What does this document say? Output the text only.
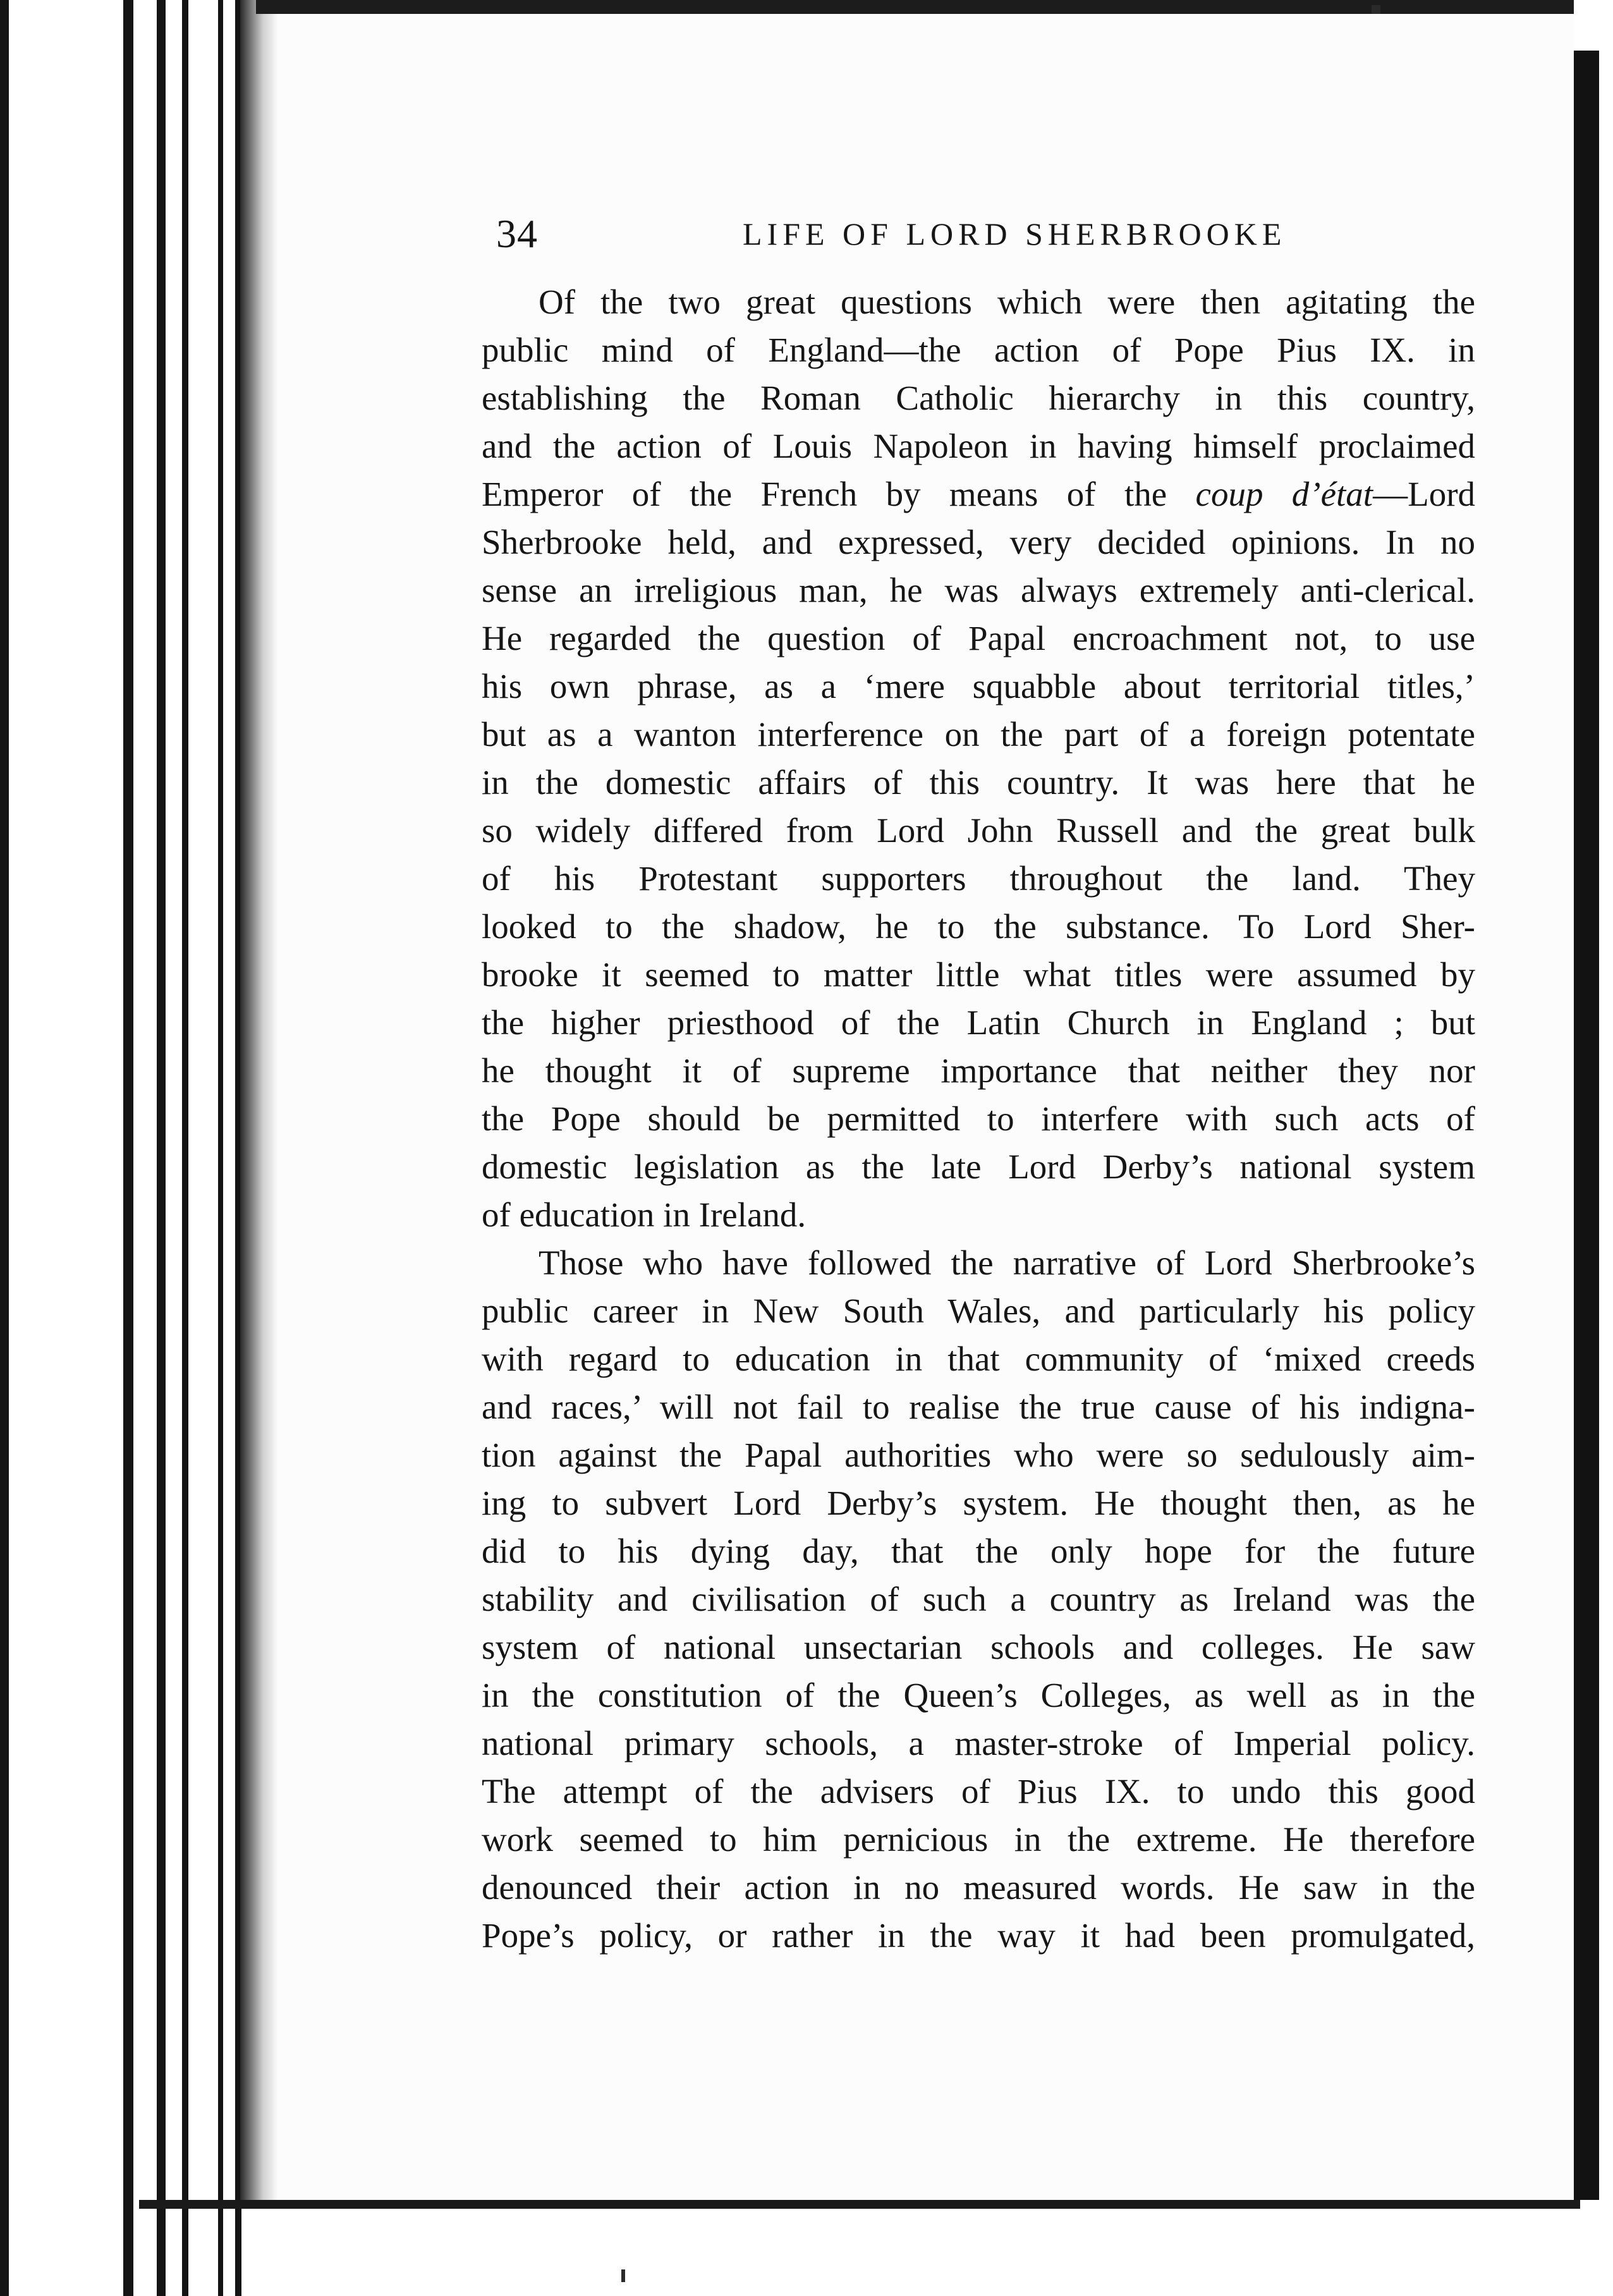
34	LIFE OF LORD SHERBROOKE

Of the two great questions which were then agitating the
public mind of England—the action of Pope Pius IX. in
establishing the Roman Catholic hierarchy in this country,
and the action of Louis Napoleon in having himself proclaimed
Emperor of the French by means of the coup d’état—Lord
Sherbrooke held, and expressed, very decided opinions. In no
sense an irreligious man, he was always extremely anti-clerical.
He regarded the question of Papal encroachment not, to use
his own phrase, as a ‘mere squabble about territorial titles,’
but as a wanton interference on the part of a foreign potentate
in the domestic affairs of this country. It was here that he
so widely differed from Lord John Russell and the great bulk
of his Protestant supporters throughout the land. They
looked to the shadow, he to the substance. To Lord Sher-
brooke it seemed to matter little what titles were assumed by
the higher priesthood of the Latin Church in England ; but
he thought it of supreme importance that neither they nor
the Pope should be permitted to interfere with such acts of
domestic legislation as the late Lord Derby’s national system
of education in Ireland.

Those who have followed the narrative of Lord Sherbrooke’s
public career in New South Wales, and particularly his policy
with regard to education in that community of ‘mixed creeds
and races,’ will not fail to realise the true cause of his indigna-
tion against the Papal authorities who were so sedulously aim-
ing to subvert Lord Derby’s system. He thought then, as he
did to his dying day, that the only hope for the future
stability and civilisation of such a country as Ireland was the
system of national unsectarian schools and colleges. He saw
in the constitution of the Queen’s Colleges, as well as in the
national primary schools, a master-stroke of Imperial policy.
The attempt of the advisers of Pius IX. to undo this good
work seemed to him pernicious in the extreme. He therefore
denounced their action in no measured words. He saw in the
Pope’s policy, or rather in the way it had been promulgated,
